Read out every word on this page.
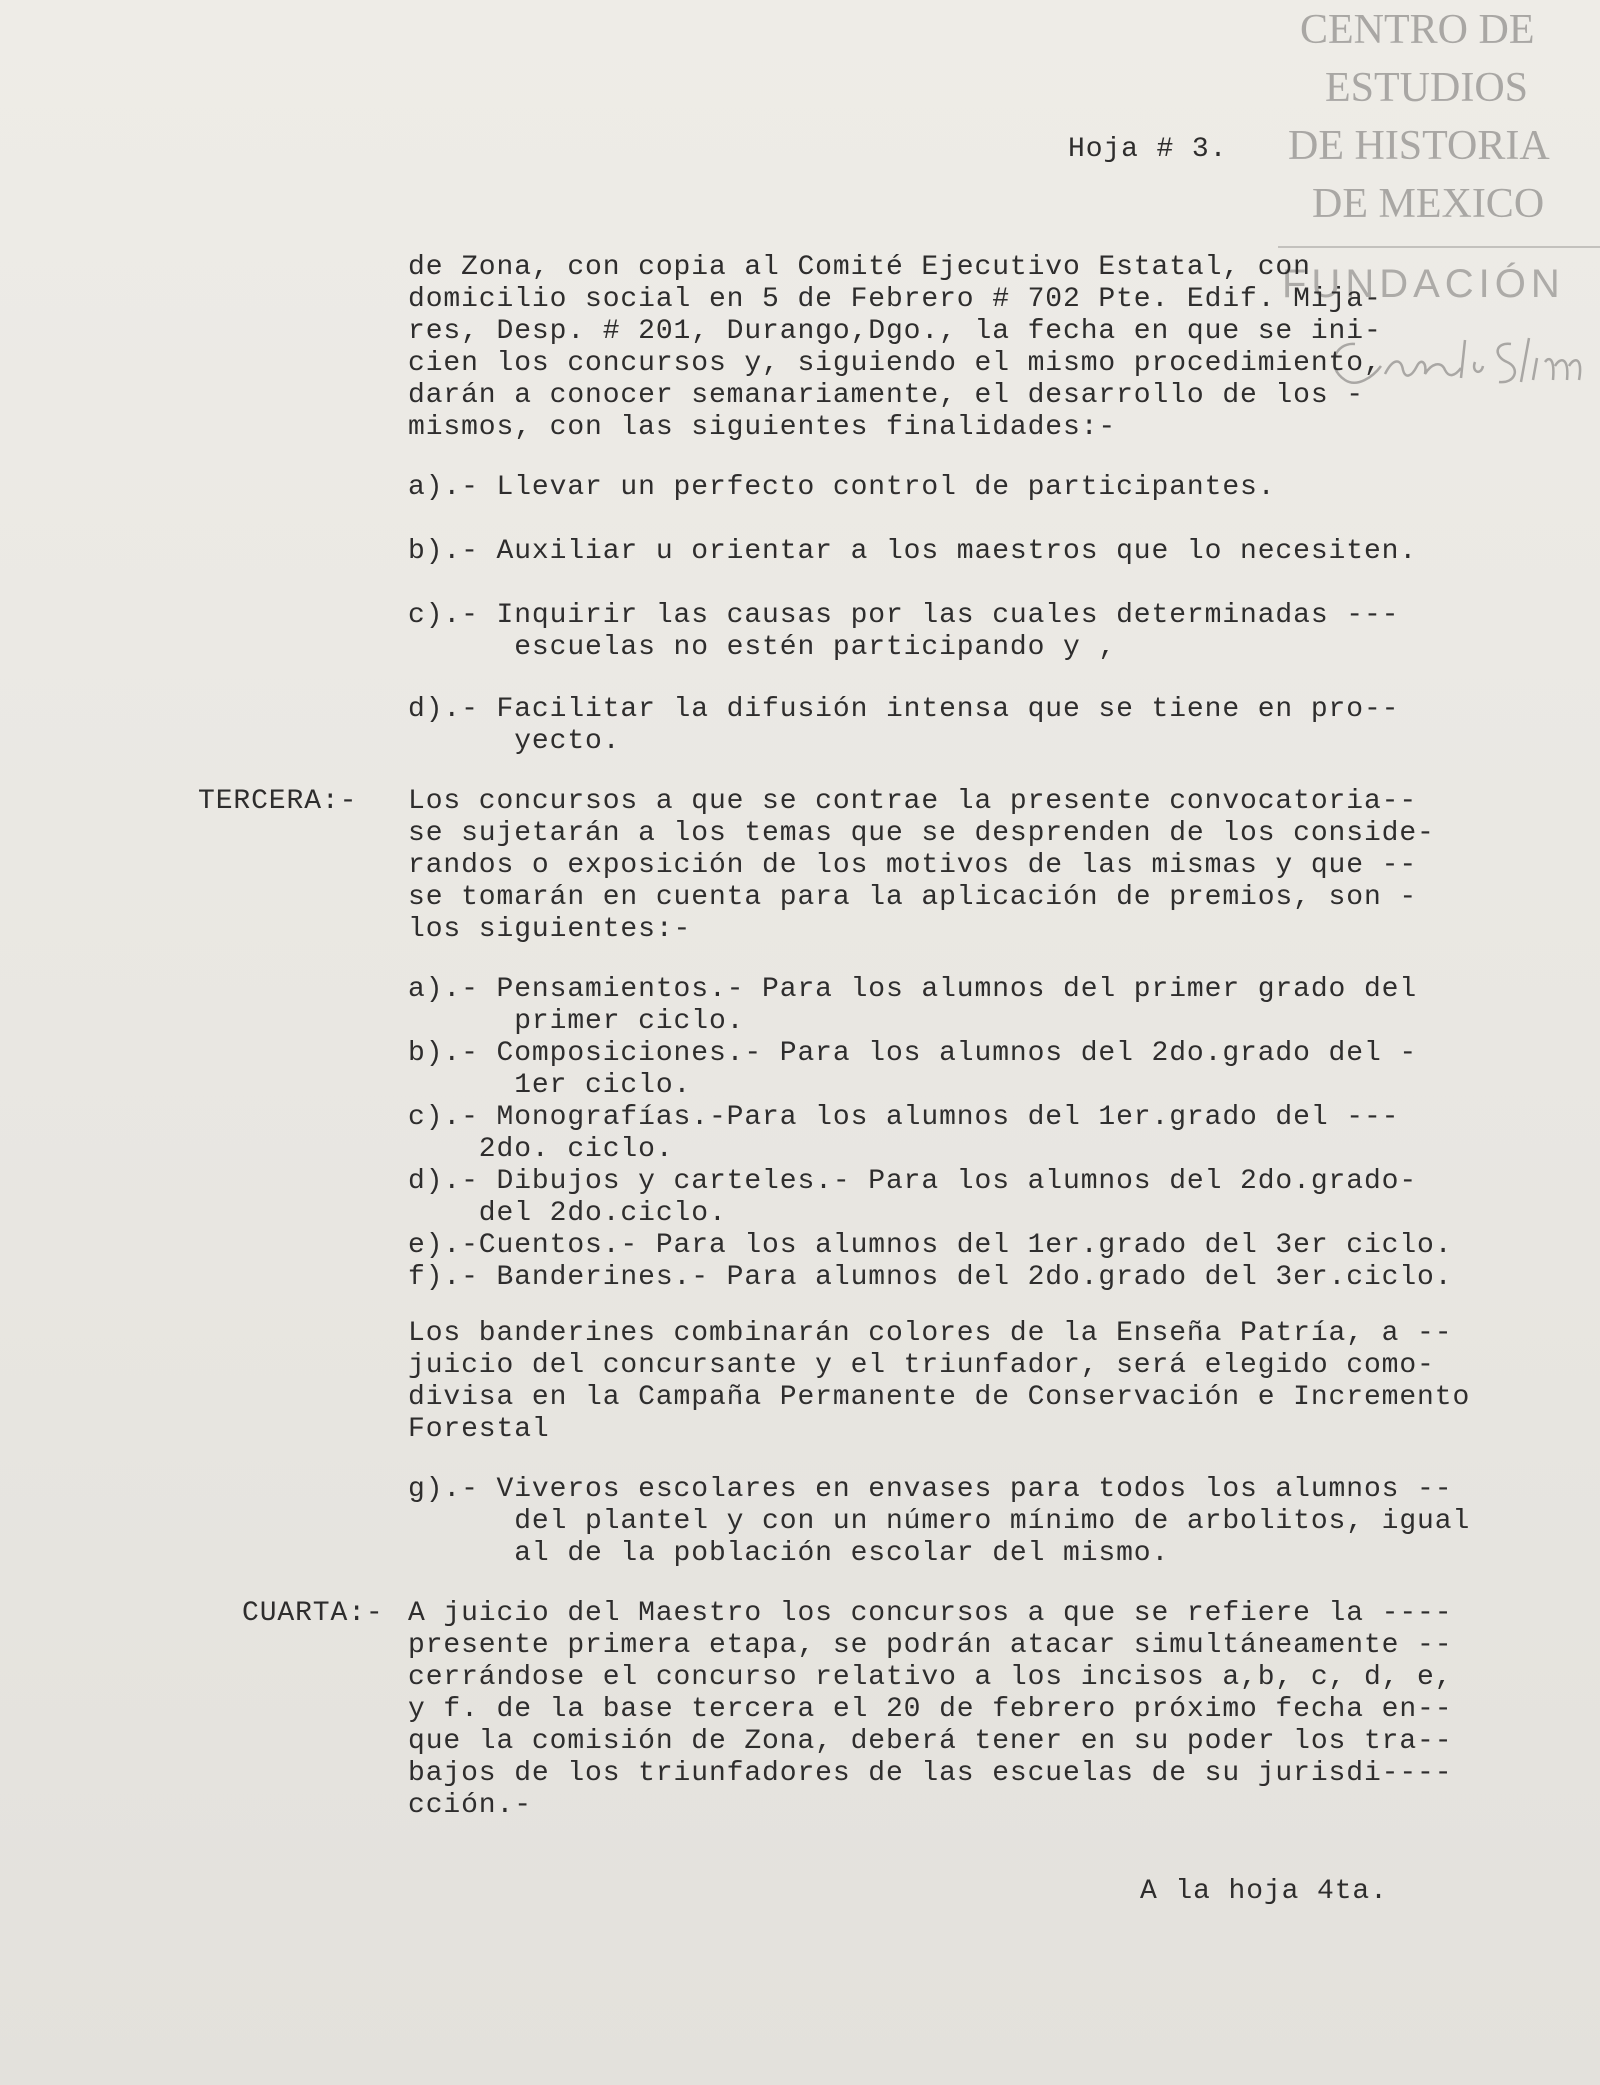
CENTRO DE
ESTUDIOS
DE HISTORIA
DE MEXICO
FUNDACIÓN
Hoja # 3.
de Zona, con copia al Comité Ejecutivo Estatal, con
domicilio social en 5 de Febrero # 702 Pte. Edif. Mija-
res, Desp. # 201, Durango,Dgo., la fecha en que se ini-
cien los concursos y, siguiendo el mismo procedimiento,
darán a conocer semanariamente, el desarrollo de los -
mismos, con las siguientes finalidades:-
a).- Llevar un perfecto control de participantes.
b).- Auxiliar u orientar a los maestros que lo necesiten.
c).- Inquirir las causas por las cuales determinadas ---
escuelas no estén participando y ,
d).- Facilitar la difusión intensa que se tiene en pro--
yecto.
TERCERA:- Los concursos a que se contrae la presente convocatoria--
se sujetarán a los temas que se desprenden de los conside-
randos o exposición de los motivos de las mismas y que --
se tomarán en cuenta para la aplicación de premios, son -
los siguientes:-
a).- Pensamientos.- Para los alumnos del primer grado del
primer ciclo.
b).- Composiciones.- Para los alumnos del 2do.grado del -
1er ciclo.
c).- Monografías.-Para los alumnos del 1er.grado del ---
2do. ciclo.
d).- Dibujos y carteles.- Para los alumnos del 2do.grado-
del 2do.ciclo.
e).-Cuentos.- Para los alumnos del 1er.grado del 3er ciclo.
f).- Banderines.- Para alumnos del 2do.grado del 3er.ciclo.
Los banderines combinarán colores de la Enseña Patría, a --
juicio del concursante y el triunfador, será elegido como-
divisa en la Campaña Permanente de Conservación e Incremento
Forestal
g).- Viveros escolares en envases para todos los alumnos --
del plantel y con un número mínimo de arbolitos, igual
al de la población escolar del mismo.
CUARTA:- A juicio del Maestro los concursos a que se refiere la ----
presente primera etapa, se podrán atacar simultáneamente --
cerrándose el concurso relativo a los incisos a,b, c, d, e,
y f. de la base tercera el 20 de febrero próximo fecha en--
que la comisión de Zona, deberá tener en su poder los tra--
bajos de los triunfadores de las escuelas de su jurisdi----
cción.-
A la hoja 4ta.
